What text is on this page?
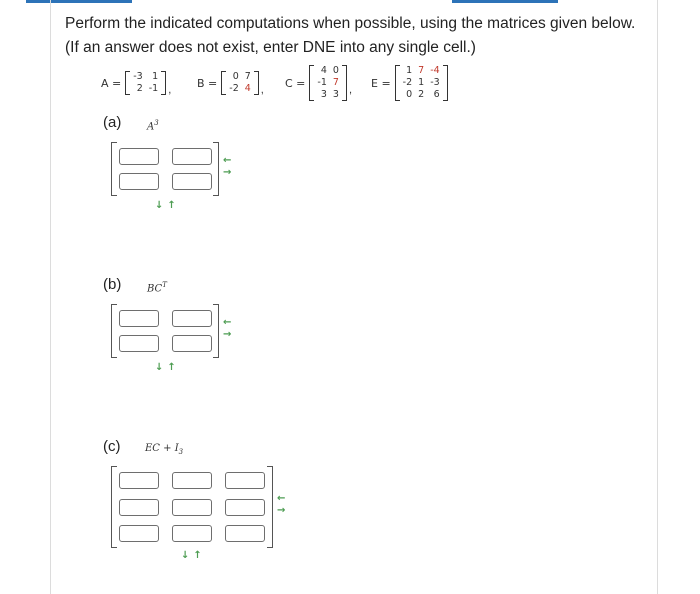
Perform the indicated computations when possible, using the matrices given below. (If an answer does not exist, enter DNE into any single cell.)
A = -3	1
2	-1 ,
B = 0	7
-2	4 ,
C =
4	0
-1	7
3	3 ,
E =
1	7	-4
-2	1	-3
0	2	6
(a)	$A^3$
←
→
↓ ↑
(b)	$BC^T$
←
→
↓ ↑
(c) EC + $I_3$
←
→
↓ ↑
